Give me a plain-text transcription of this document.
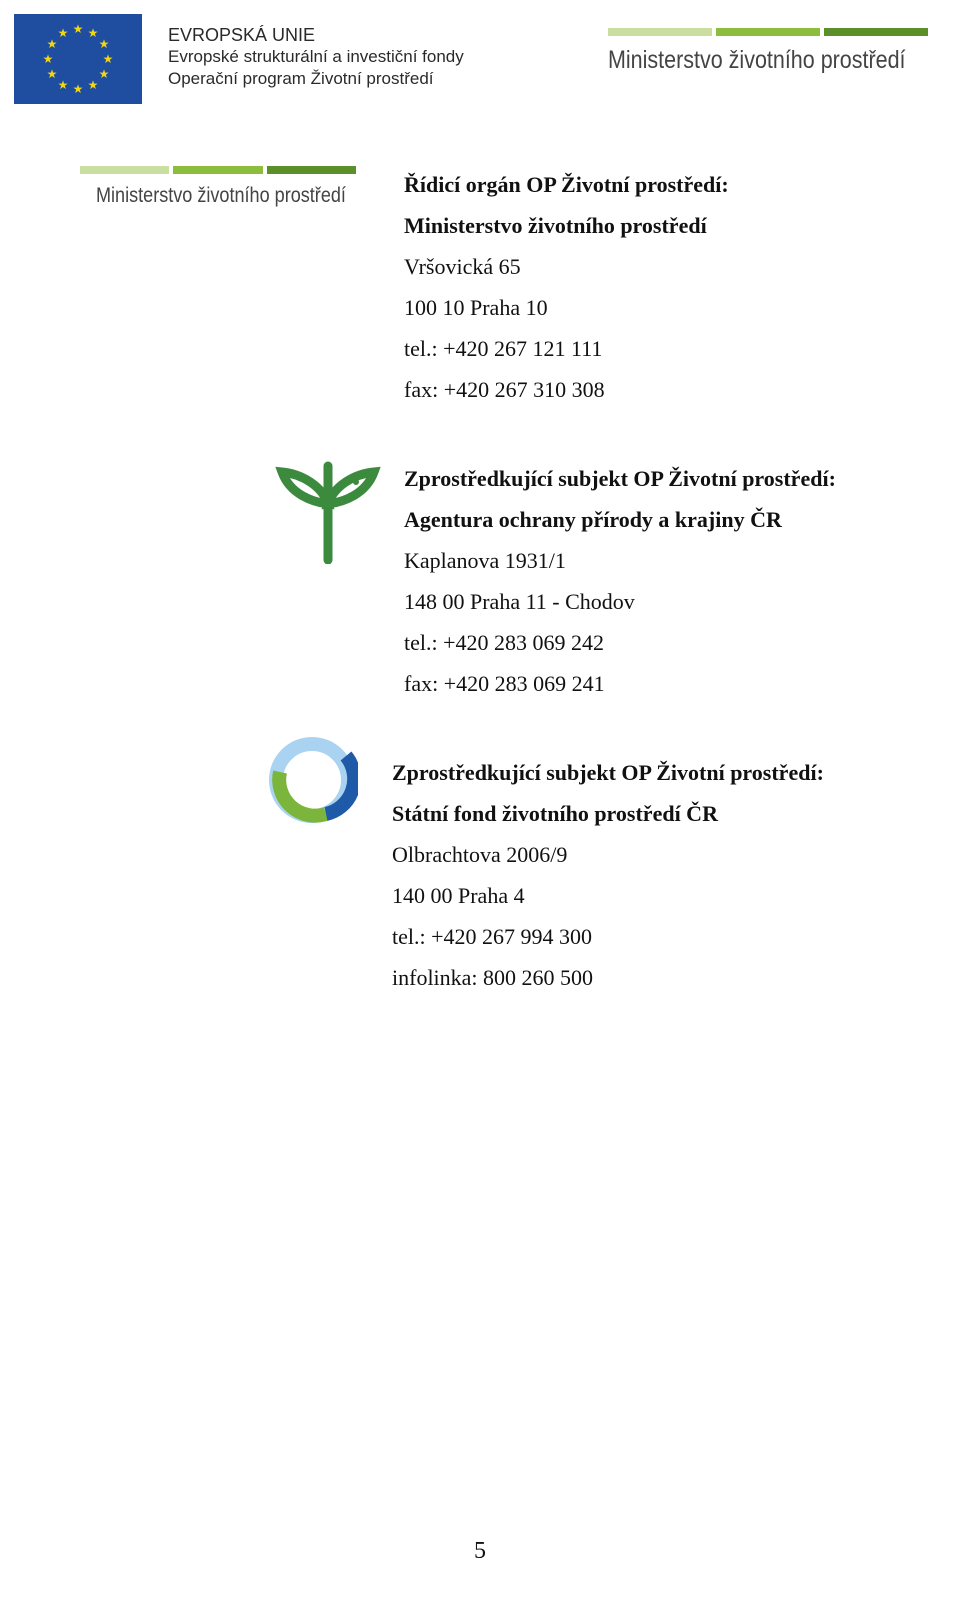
★ ★
★
★
★
★
★
★
★
★
★
★	EVROPSKÁ UNIE
Evropské strukturální a investiční fondy
Operační program Životní prostředí
Ministerstvo životního prostředí
Ministerstvo životního prostředí	Řídicí orgán OP Životní prostředí:
Ministerstvo životního prostředí
Vršovická 65
100 10 Praha 10
tel.: +420 267 121 111
fax: +420 267 310 308
Zprostředkující subjekt OP Životní prostředí:
Agentura ochrany přírody a krajiny ČR
Kaplanova 1931/1
148 00 Praha 11 - Chodov
tel.: +420 283 069 242
fax: +420 283 069 241
Zprostředkující subjekt OP Životní prostředí:
Státní fond životního prostředí ČR
Olbrachtova 2006/9
140 00 Praha 4
tel.: +420 267 994 300
infolinka: 800 260 500
5
